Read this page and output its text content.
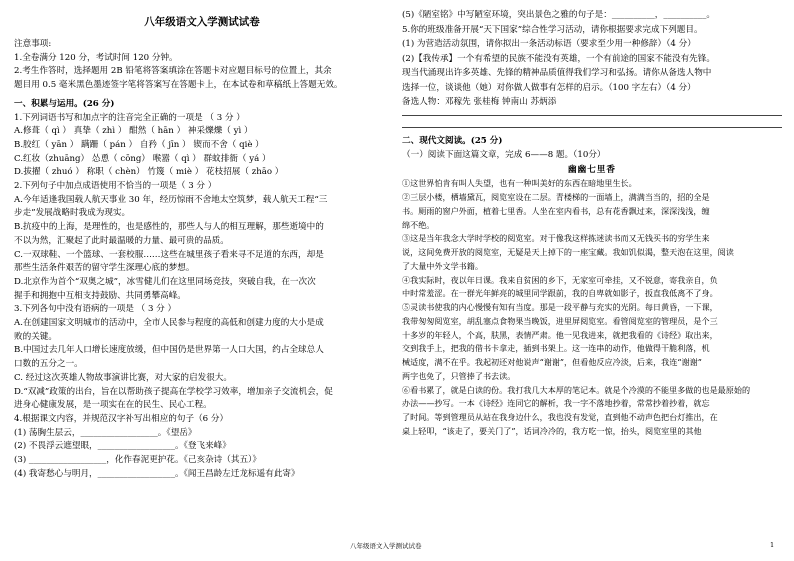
八年级语文入学测试试卷
注意事项:
1.全卷满分 120 分，考试时间 120 分钟。
2.考生作答时，选择题用 2B 铅笔将答案填涂在答题卡对应题目标号的位置上，其余
题目用 0.5 毫米黑色墨迹签字笔将答案写在答题卡上，在本试卷和草稿纸上答题无效。
一、积累与运用。(26 分)
1.下列词语书写和加点字的注音完全正确的一项是 （ 3 分 ）
A.修葺（ qì ） 真挚（ zhì ） 酣然（ hān ） 神采爍爍（ yì ）
B.胶红（ yān ） 蹒跚（ pán ） 自矜（ jīn ） 锲而不舍（ qiè ）
C.红妆（zhuāng） 怂恿（ cōng） 喉嚣（ qì ） 群蚊排衙（ yá ）
D.拔擢（ zhuó ） 称职（ chèn） 竹篾（ miè ） 花枝招展（ zhāo ）
2.下列句子中加点成语使用不恰当的一项是（ 3 分 ）
A.今年适逢我国载人航天事业 30 年，经历惊雨不舍地太空筑梦，载人航天工程“三
步走”发展战略时我成为现实。
B.抗疫中的上海，是理性的，也是感性的，那些人与人的相互理解，那些逝境中的
不以为然，汇聚起了此时最温暖的力量、最可贵的品质。
C.一双球鞋、一个篮球、一套校服……这些在城里孩子看来寻不足道的东西，却是
那些生活条件艰苦的留守学生深理心底的梦想。
D.北京作为首个“双奥之城”，冰雪健儿们在这里同场竞技，突破自我，在一次次
握手和拥抱中互相支持鼓励、共同勇攀高峰。
3.下列各句中没有语病的一项是 （ 3 分 ）
A.在创建国家文明城市的活动中，全市人民参与程度的高低和创建力度的大小是成
败的关键。
B.中国过去几年人口增长速度放缓，但中国仍是世界第一人口大国，约占全球总人
口数的五分之一。
C. 经过这次英雄人物故事演讲比赛，对大家的启发很大。
D.“双减”政策的出台，旨在以帮助孩子提高在学校学习效率，增加亲子交流机会，促
进身心健康发展，是一项实在在的民生、民心工程。
4.根据课文内容，并规范汉字补写出相应的句子（6 分）
(1) 荡胸生层云，__________________。《望岳》
(2) 不畏浮云遮望眼，__________________。《登飞来峰》
(3) __________________，化作春泥更护花。《己亥杂诗（其五）》
(4) 我寄愁心与明月，__________________。《闻王昌龄左迁龙标遥有此寄》
(5)《陋室铭》中写陋室环境，突出景色之雅的句子是：__________，__________。
5.你的班级准备开展“天下国家”综合性学习活动，请你根据要求完成下列题目。
(1) 为营造活动氛围，请你拟出一条活动标语（要求至少用一种修辞）（4 分）
(2)【我传承】一个有希望的民族不能没有英雄，一个有前途的国家不能没有先锋。
现当代涌现出许多英雄、先锋的精神品质值得我们学习和弘扬。请你从备选人物中
选择一位，谈谈他（她）对你做人做事有怎样的启示。（100 字左右）（4 分）
备选人物：邓稼先 张桂梅 钟南山 苏炳添
二、现代文阅读。(25 分)
（一）阅读下面这篇文章，完成 6——8 题。（10分）
幽幽七里香
①这世界怕肯有叫人失望，也有一种叫美好的东西在暗地里生长。
②三层小楼，栖墙黛瓦，阅览室设在二层。青楼梯的一面墙上，满满当当的，招的全是
书。厕雨的窗户外面，植着七里香。人坐在室内看书，总有花香飘过来，深深浅浅，缠
绵不绝。
③这是当年我念大学时学校的阅览室。对于像我这样拣迷读书而又无钱买书的穷学生来
说，这间免费开放的阅览室，无疑是天上掉下的一座宝藏。我如饥似渴，整天泡在这里，阅读
了大量中外文学书籍。
④我实际时，夜以年日课。我来自贫困的乡下，无家室可牵挂，又不锐意，寄我亲自，负
中时常羞涩。在一群光年鲜亮的城里同学跟前，我的自卑就如影子，扳直我低离不了身。
⑤灵读书使我的内心慢慢有知有当度。那是一段平静与充实的光阴。每日黄昏，一下课，
我带匆匆阅览室，胡乱塞点食物果当晚饭，进里屏阅览室。看管阅览室的管理员，是个三
十多岁的年轻人，个高，肤黑，表情严肃。他一见我进来，就把我看的《诗经》取出来，
交到我手上，把我的借书卡拿走，插到书架上。这一连串的动作，他做得干脆利落，机
械适度，满不在乎。我起初还对他说声“谢谢”，但看他反应冷淡，后来，我连“谢谢”
两字也免了，只管捧了书去读。
⑥看书累了，就是白读的份。我打我几大本厚的笔记本。就是个冷漠的不能里多做的也是最原始的
办法——抄写。一本《诗经》连同它的解析，我一字不落地抄着，常常抄着抄着，就忘
了时间。等到管理员从站在我身边什么，我也没有发觉，直到他不动声色把台灯推出，在
桌上轻叩，“该走了，要关门了”，话词冷冷的，我方吃一惊，抬头，阅览室里的其他
八年级语文入学测试试卷	1
